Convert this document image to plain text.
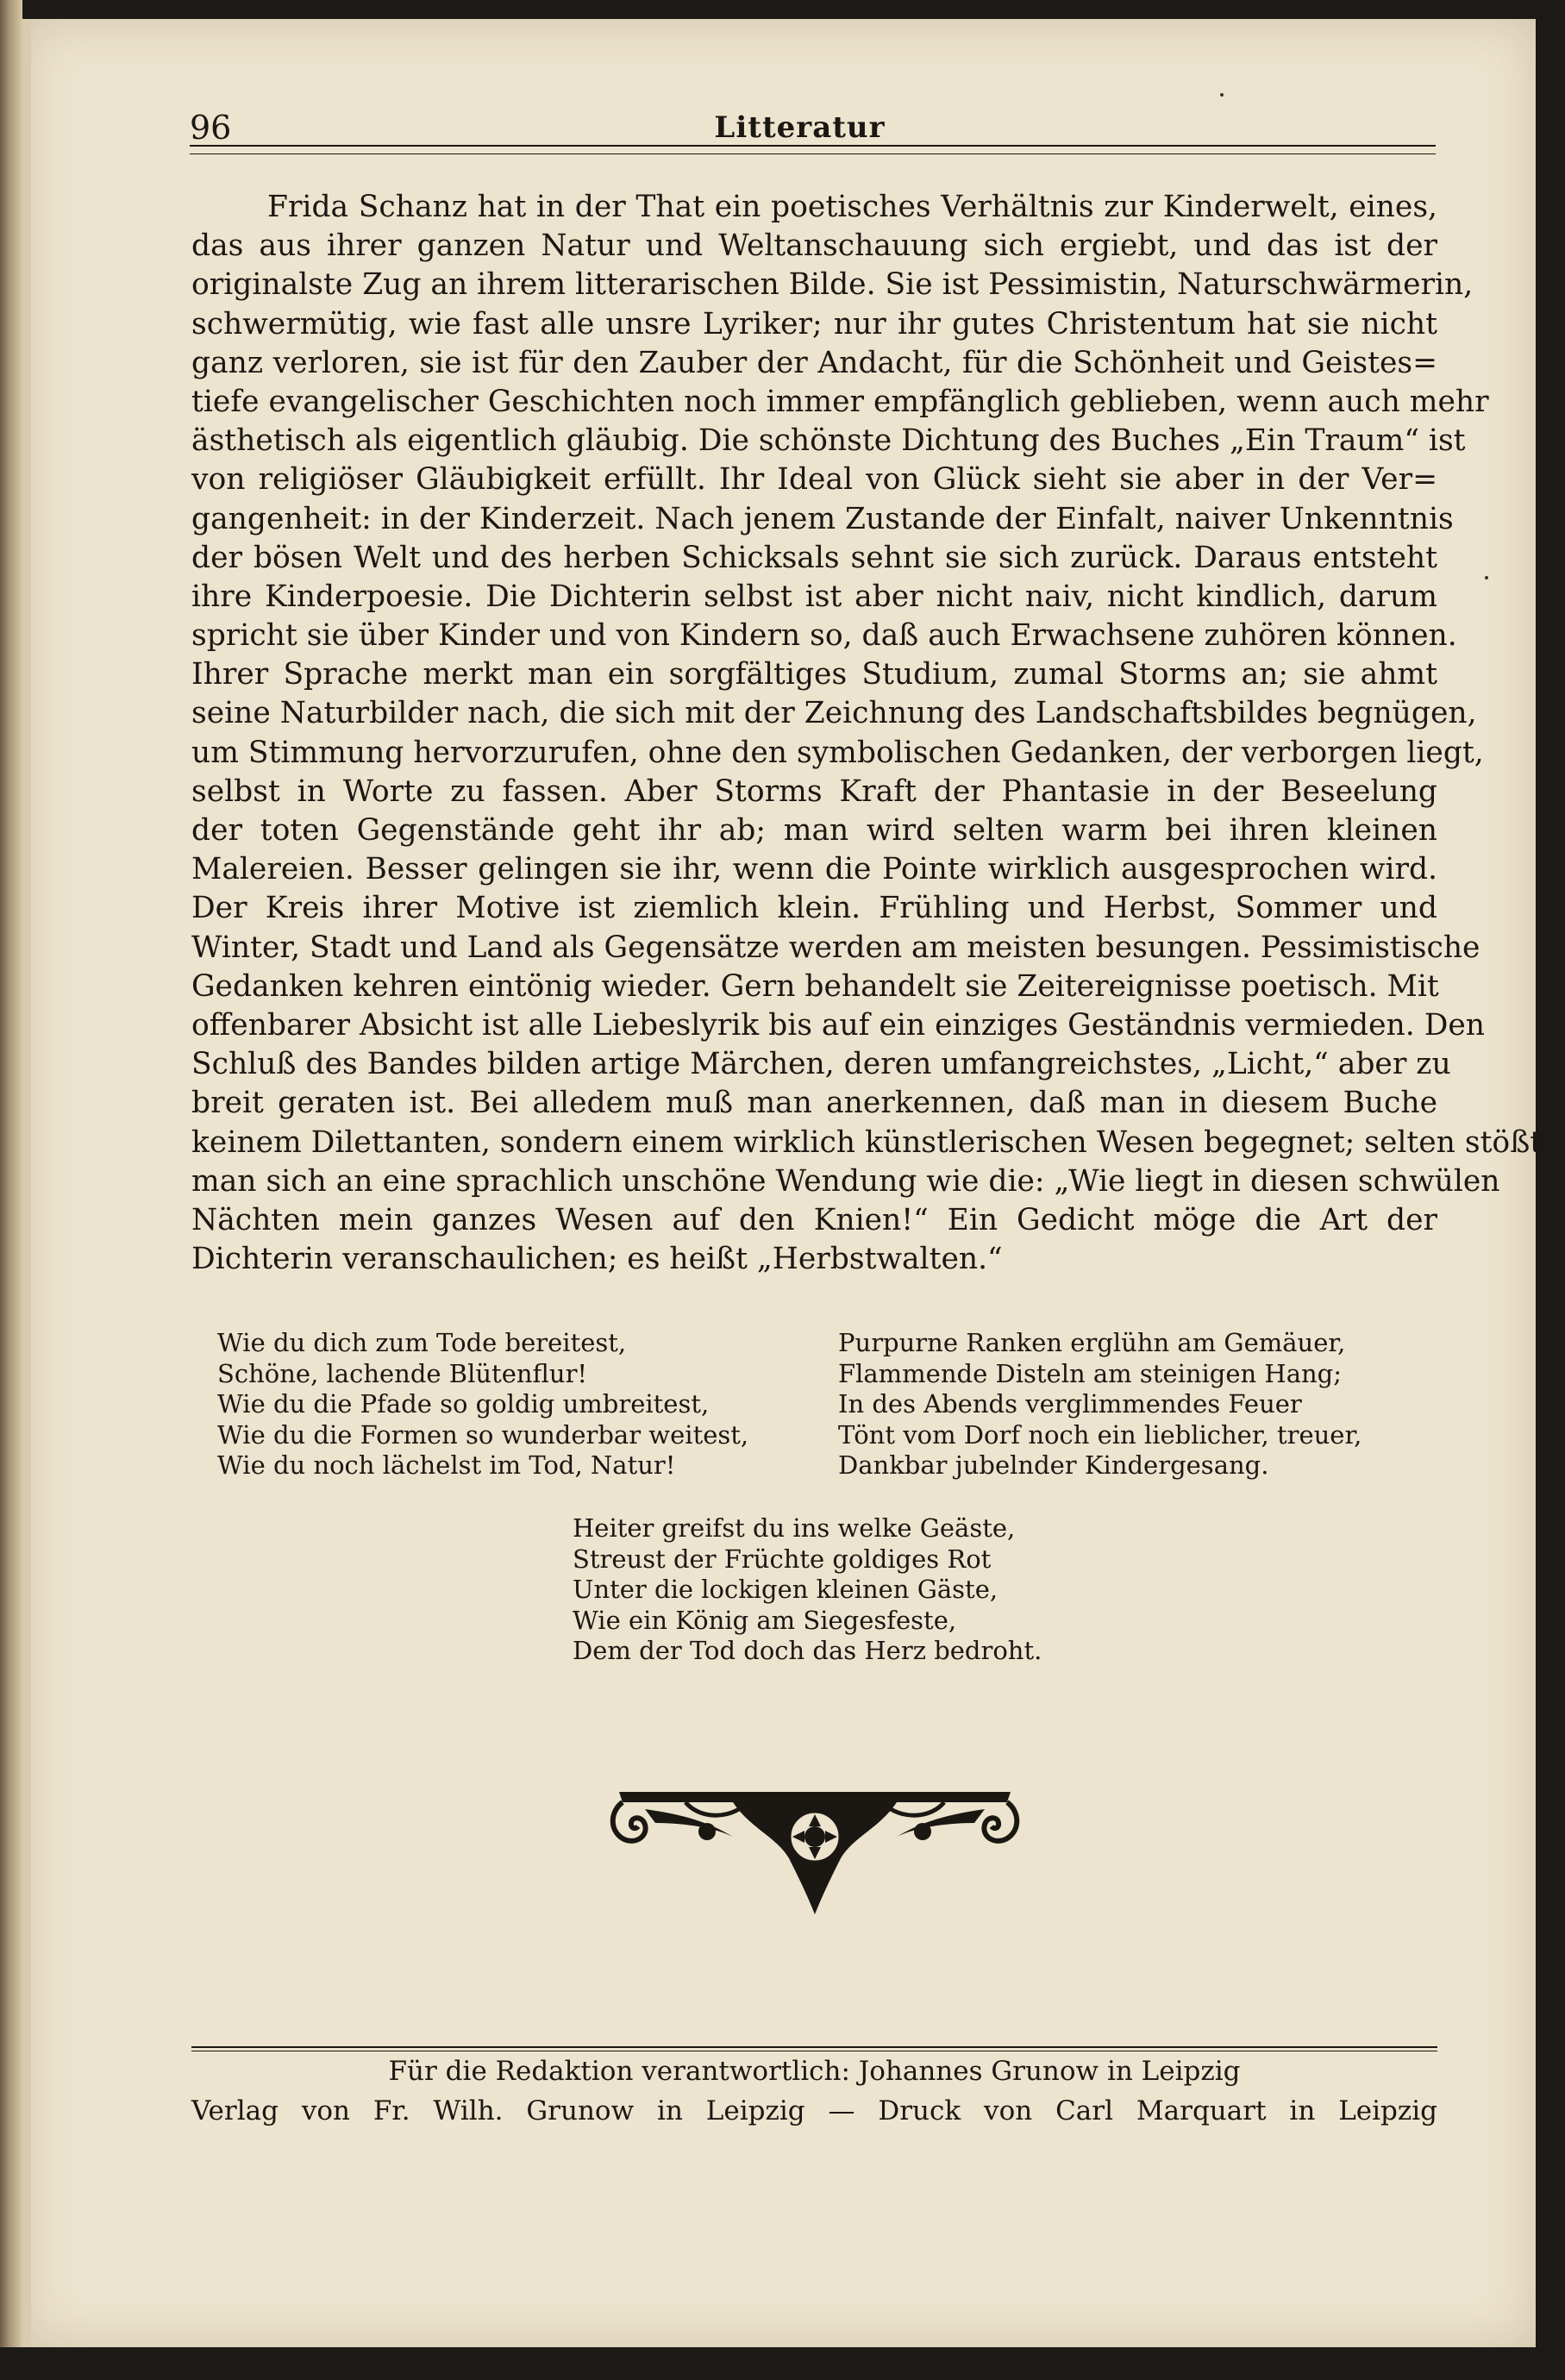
96	Litteratur
Frida Schanz hat in der That ein poetisches Verhältnis zur Kinderwelt, eines,
das aus ihrer ganzen Natur und Weltanschauung sich ergiebt, und das ist der
originalste Zug an ihrem litterarischen Bilde. Sie ist Pessimistin, Naturschwärmerin,
schwermütig, wie fast alle unsre Lyriker; nur ihr gutes Christentum hat sie nicht
ganz verloren, sie ist für den Zauber der Andacht, für die Schönheit und Geistes=
tiefe evangelischer Geschichten noch immer empfänglich geblieben, wenn auch mehr
ästhetisch als eigentlich gläubig. Die schönste Dichtung des Buches „Ein Traum“ ist
von religiöser Gläubigkeit erfüllt. Ihr Ideal von Glück sieht sie aber in der Ver=
gangenheit: in der Kinderzeit. Nach jenem Zustande der Einfalt, naiver Unkenntnis
der bösen Welt und des herben Schicksals sehnt sie sich zurück. Daraus entsteht
ihre Kinderpoesie. Die Dichterin selbst ist aber nicht naiv, nicht kindlich, darum
spricht sie über Kinder und von Kindern so, daß auch Erwachsene zuhören können.
Ihrer Sprache merkt man ein sorgfältiges Studium, zumal Storms an; sie ahmt
seine Naturbilder nach, die sich mit der Zeichnung des Landschaftsbildes begnügen,
um Stimmung hervorzurufen, ohne den symbolischen Gedanken, der verborgen liegt,
selbst in Worte zu fassen. Aber Storms Kraft der Phantasie in der Beseelung
der toten Gegenstände geht ihr ab; man wird selten warm bei ihren kleinen
Malereien. Besser gelingen sie ihr, wenn die Pointe wirklich ausgesprochen wird.
Der Kreis ihrer Motive ist ziemlich klein. Frühling und Herbst, Sommer und
Winter, Stadt und Land als Gegensätze werden am meisten besungen. Pessimistische
Gedanken kehren eintönig wieder. Gern behandelt sie Zeitereignisse poetisch. Mit
offenbarer Absicht ist alle Liebeslyrik bis auf ein einziges Geständnis vermieden. Den
Schluß des Bandes bilden artige Märchen, deren umfangreichstes, „Licht,“ aber zu
breit geraten ist. Bei alledem muß man anerkennen, daß man in diesem Buche
keinem Dilettanten, sondern einem wirklich künstlerischen Wesen begegnet; selten stößt
man sich an eine sprachlich unschöne Wendung wie die: „Wie liegt in diesen schwülen
Nächten mein ganzes Wesen auf den Knien!“ Ein Gedicht möge die Art der
Dichterin veranschaulichen; es heißt „Herbstwalten.“
Wie du dich zum Tode bereitest,
Schöne, lachende Blütenflur!
Wie du die Pfade so goldig umbreitest,
Wie du die Formen so wunderbar weitest,
Wie du noch lächelst im Tod, Natur!
Purpurne Ranken erglühn am Gemäuer,
Flammende Disteln am steinigen Hang;
In des Abends verglimmendes Feuer
Tönt vom Dorf noch ein lieblicher, treuer,
Dankbar jubelnder Kindergesang.
Heiter greifst du ins welke Geäste,
Streust der Früchte goldiges Rot
Unter die lockigen kleinen Gäste,
Wie ein König am Siegesfeste,
Dem der Tod doch das Herz bedroht.
Für die Redaktion verantwortlich: Johannes Grunow in Leipzig
Verlag von Fr. Wilh. Grunow in Leipzig — Druck von Carl Marquart in Leipzig
